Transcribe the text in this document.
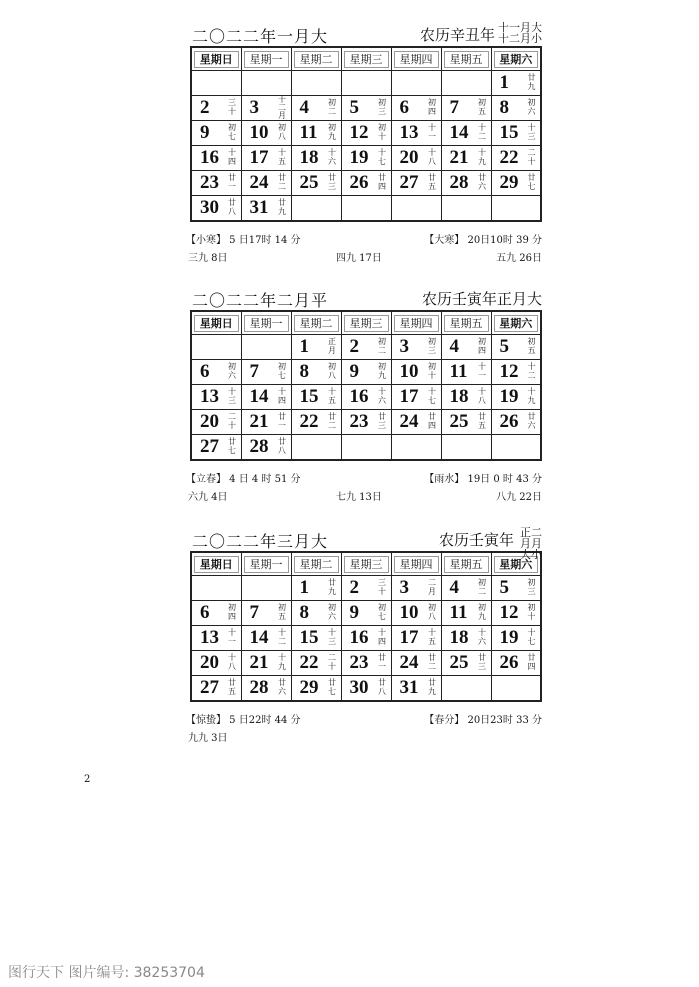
二〇二二年一月大	农历辛丑年 十一月大
十二月小
星期日	星期一	星期二	星期三	星期四	星期五	星期六

						1 廿九

2 三十	3 十二月	4 初二	5 初三	6 初四	7 初五	8 初六

9 初七	10 初八	11 初九	12 初十	13 十一	14 十二	15 十三

16 十四	17 十五	18 十六	19 十七	20 十八	21 十九	22 二十

23 廿一	24 廿二	25 廿三	26 廿四	27 廿五	28 廿六	29 廿七

30 廿八	31 廿九					

【小寒】 5 日17时 14 分	【大寒】 20日10时 39 分
三九 8日	四九 17日	五九 26日
二〇二二年二月平	农历壬寅年正月大
星期日	星期一	星期二	星期三	星期四	星期五	星期六

		1 正月	2 初二	3 初三	4 初四	5 初五

6 初六	7 初七	8 初八	9 初九	10 初十	11 十一	12 十二

13 十三	14 十四	15 十五	16 十六	17 十七	18 十八	19 十九

20 二十	21 廿一	22 廿二	23 廿三	24 廿四	25 廿五	26 廿六

27 廿七	28 廿八					

【立春】 4 日 4 时 51 分	【雨水】 19日 0 时 43 分
六九 4日	七九 13日	八九 22日
二〇二二年三月大	农历壬寅年 正二
月月
大小
星期日	星期一	星期二	星期三	星期四	星期五	星期六

		1 廿九	2 三十	3 二月	4 初二	5 初三

6 初四	7 初五	8 初六	9 初七	10 初八	11 初九	12 初十

13 十一	14 十二	15 十三	16 十四	17 十五	18 十六	19 十七

20 十八	21 十九	22 二十	23 廿一	24 廿二	25 廿三	26 廿四

27 廿五	28 廿六	29 廿七	30 廿八	31 廿九		

【惊蛰】 5 日22时 44 分	【春分】 20日23时 33 分
九九 3日
2
图行天下 图片编号: 38253704
